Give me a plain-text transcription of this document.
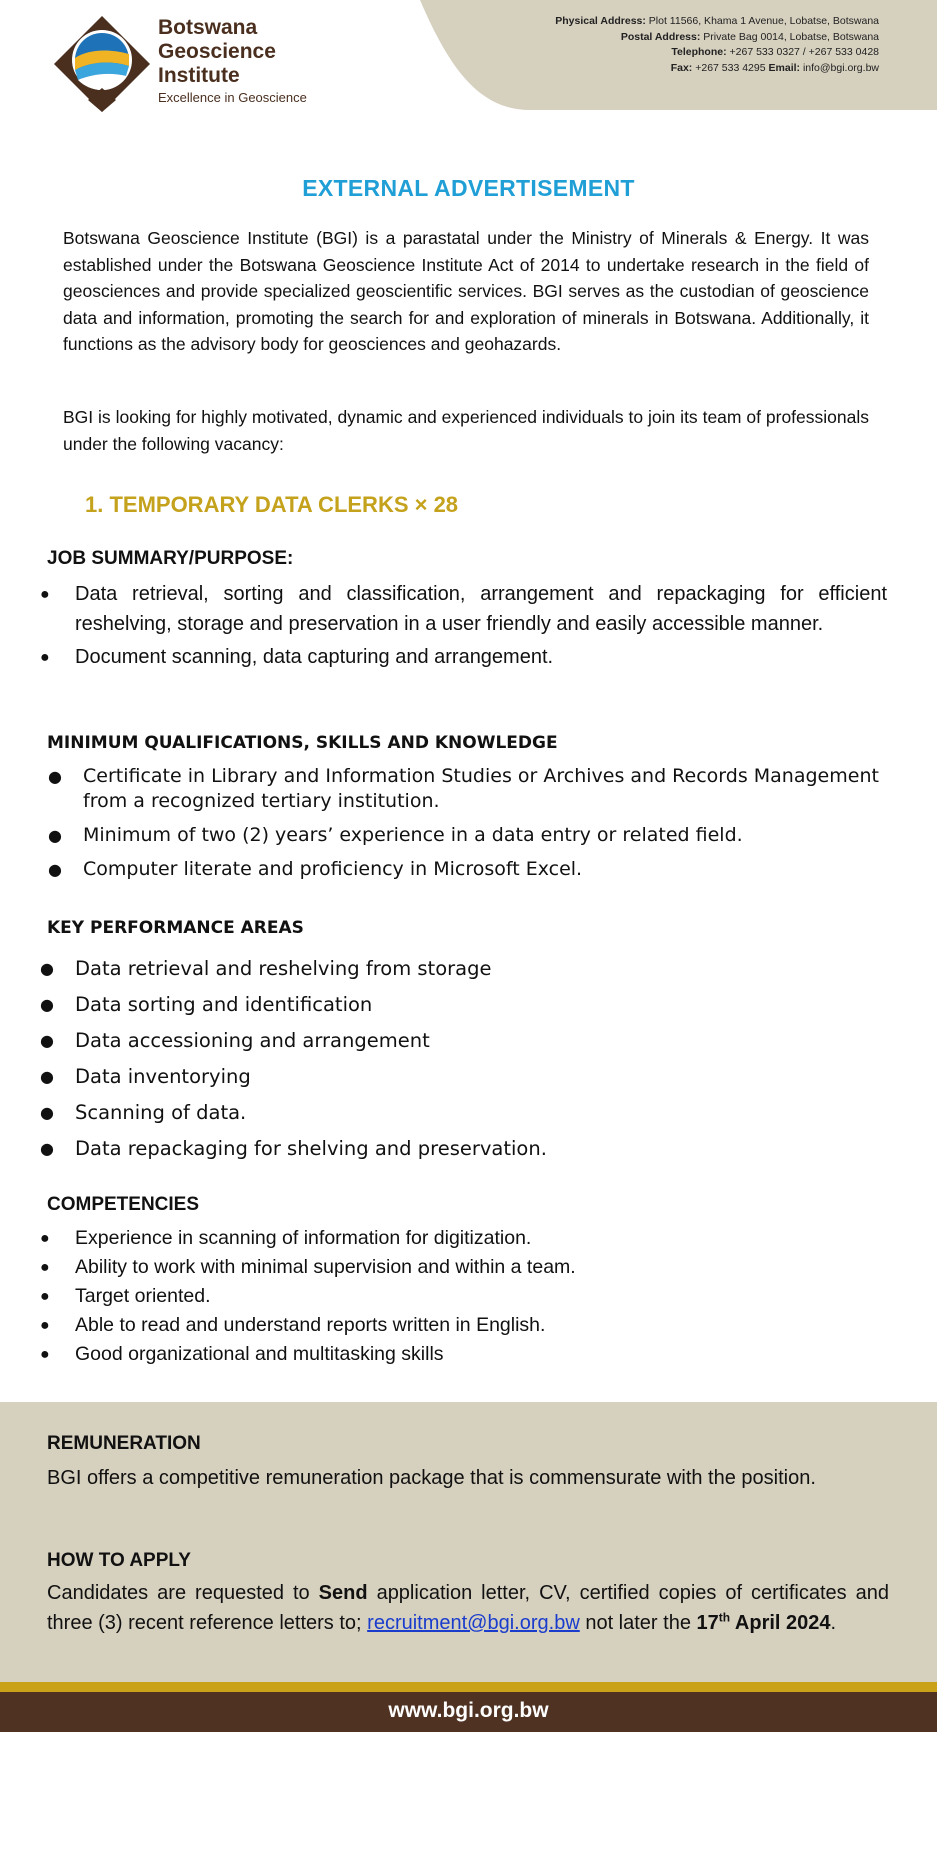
Botswana
Geoscience
Institute
Excellence in Geoscience
Physical Address: Plot 11566, Khama 1 Avenue, Lobatse, Botswana
Postal Address: Private Bag 0014, Lobatse, Botswana
Telephone: +267 533 0327 / +267 533 0428
Fax: +267 533 4295 Email: info@bgi.org.bw
EXTERNAL ADVERTISEMENT
Botswana Geoscience Institute (BGI) is a parastatal under the Ministry of Minerals & Energy. It was established under the Botswana Geoscience Institute Act of 2014 to undertake research in the field of geosciences and provide specialized geoscientific services. BGI serves as the custodian of geoscience data and information, promoting the search for and exploration of minerals in Botswana. Additionally, it functions as the advisory body for geosciences and geohazards.
BGI is looking for highly motivated, dynamic and experienced individuals to join its team of professionals under the following vacancy:
1. TEMPORARY DATA CLERKS × 28
JOB SUMMARY/PURPOSE:
● Data retrieval, sorting and classification, arrangement and repackaging for efficient reshelving, storage and preservation in a user friendly and easily accessible manner.
● Document scanning, data capturing and arrangement.
MINIMUM QUALIFICATIONS, SKILLS AND KNOWLEDGE
● Certificate in Library and Information Studies or Archives and Records Management from a recognized tertiary institution.
● Minimum of two (2) years’ experience in a data entry or related field.
● Computer literate and proficiency in Microsoft Excel.
KEY PERFORMANCE AREAS
● Data retrieval and reshelving from storage
● Data sorting and identification
● Data accessioning and arrangement
● Data inventorying
● Scanning of data.
● Data repackaging for shelving and preservation.
COMPETENCIES
● Experience in scanning of information for digitization.
● Ability to work with minimal supervision and within a team.
● Target oriented.
● Able to read and understand reports written in English.
● Good organizational and multitasking skills
REMUNERATION
BGI offers a competitive remuneration package that is commensurate with the position.
HOW TO APPLY
Candidates are requested to Send application letter, CV, certified copies of certificates and three (3) recent reference letters to; recruitment@bgi.org.bw not later the 17th April 2024.
www.bgi.org.bw
